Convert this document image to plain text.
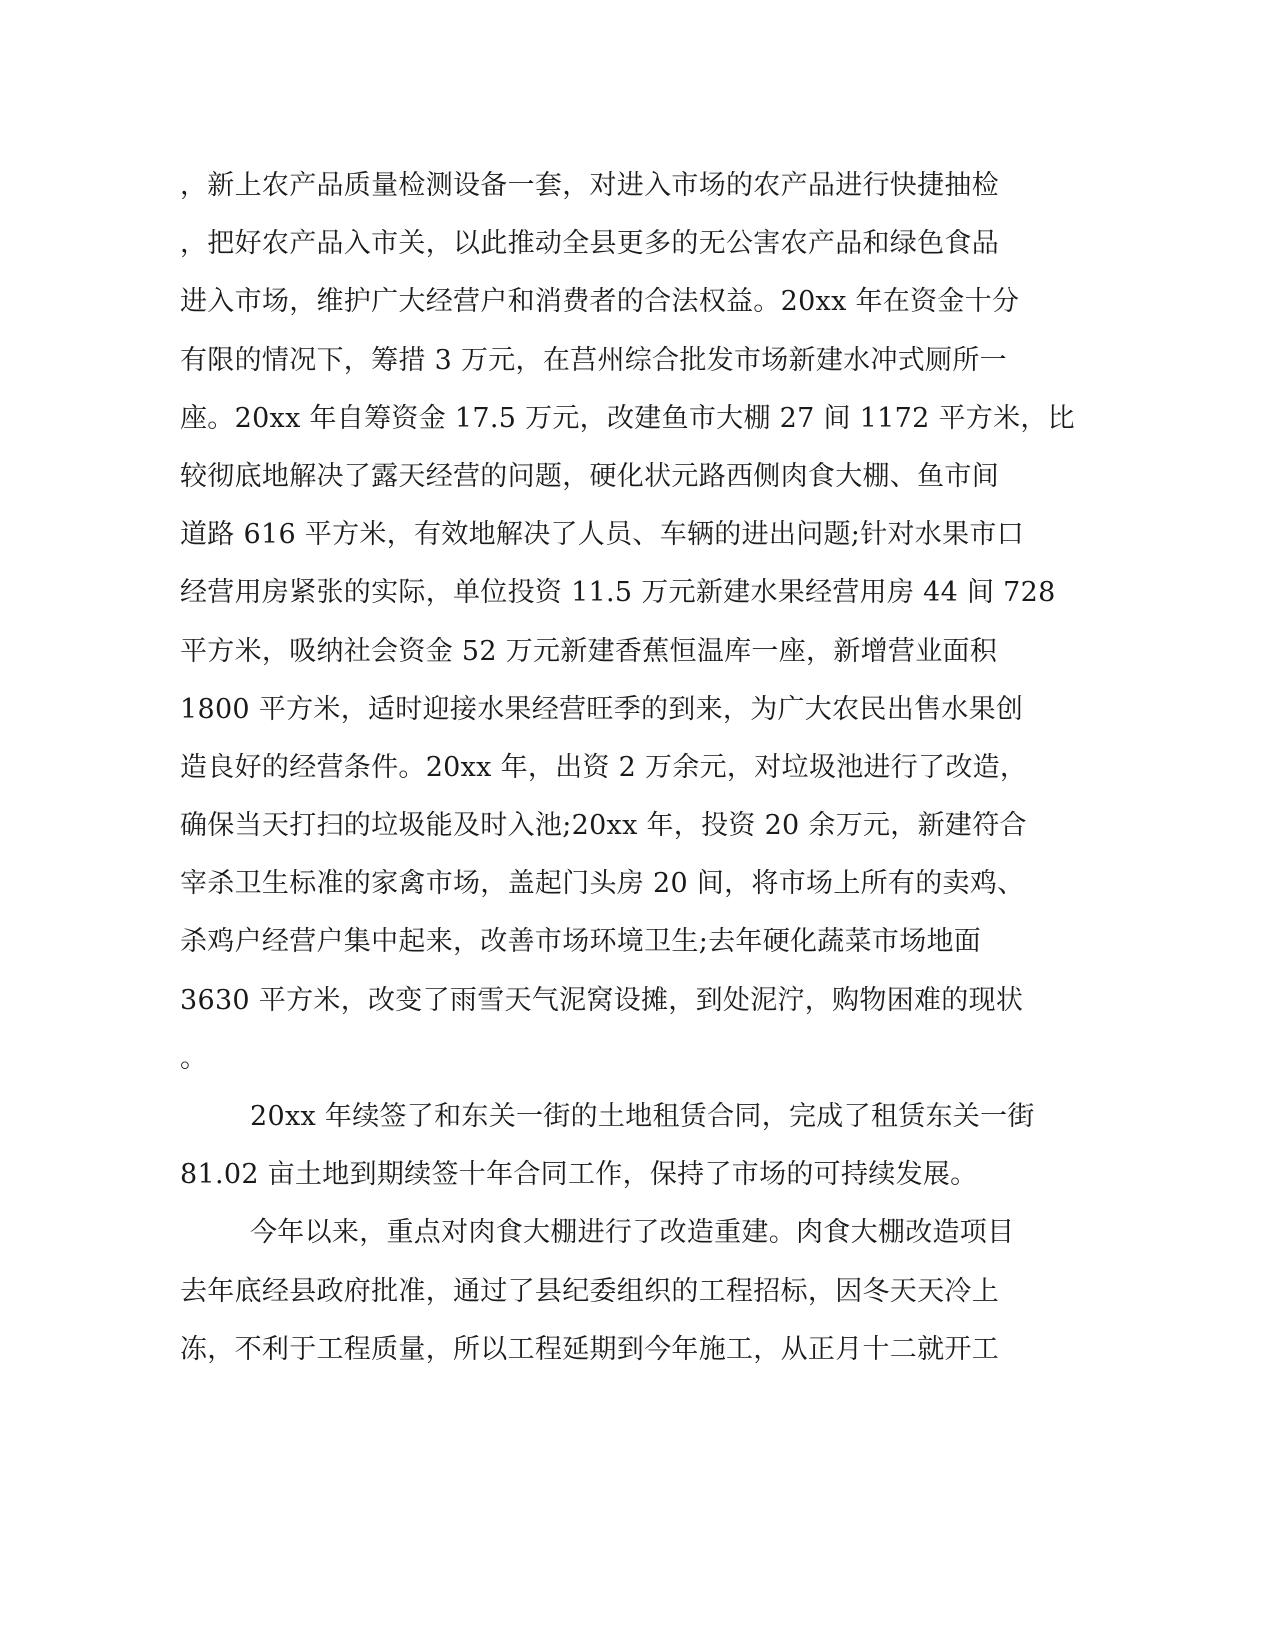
，新上农产品质量检测设备一套，对进入市场的农产品进行快捷抽检
，把好农产品入市关，以此推动全县更多的无公害农产品和绿色食品
进入市场，维护广大经营户和消费者的合法权益。20xx 年在资金十分
有限的情况下，筹措 3 万元，在莒州综合批发市场新建水冲式厕所一
座。20xx 年自筹资金 17.5 万元，改建鱼市大棚 27 间 1172 平方米，比
较彻底地解决了露天经营的问题，硬化状元路西侧肉食大棚、鱼市间
道路 616 平方米，有效地解决了人员、车辆的进出问题;针对水果市口
经营用房紧张的实际，单位投资 11.5 万元新建水果经营用房 44 间 728
平方米，吸纳社会资金 52 万元新建香蕉恒温库一座，新增营业面积
1800 平方米，适时迎接水果经营旺季的到来，为广大农民出售水果创
造良好的经营条件。20xx 年，出资 2 万余元，对垃圾池进行了改造，
确保当天打扫的垃圾能及时入池;20xx 年，投资 20 余万元，新建符合
宰杀卫生标准的家禽市场，盖起门头房 20 间，将市场上所有的卖鸡、
杀鸡户经营户集中起来，改善市场环境卫生;去年硬化蔬菜市场地面
3630 平方米，改变了雨雪天气泥窝设摊，到处泥泞，购物困难的现状
。
20xx 年续签了和东关一街的土地租赁合同，完成了租赁东关一街
81.02 亩土地到期续签十年合同工作，保持了市场的可持续发展。
今年以来，重点对肉食大棚进行了改造重建。肉食大棚改造项目
去年底经县政府批准，通过了县纪委组织的工程招标，因冬天天冷上
冻，不利于工程质量，所以工程延期到今年施工，从正月十二就开工
